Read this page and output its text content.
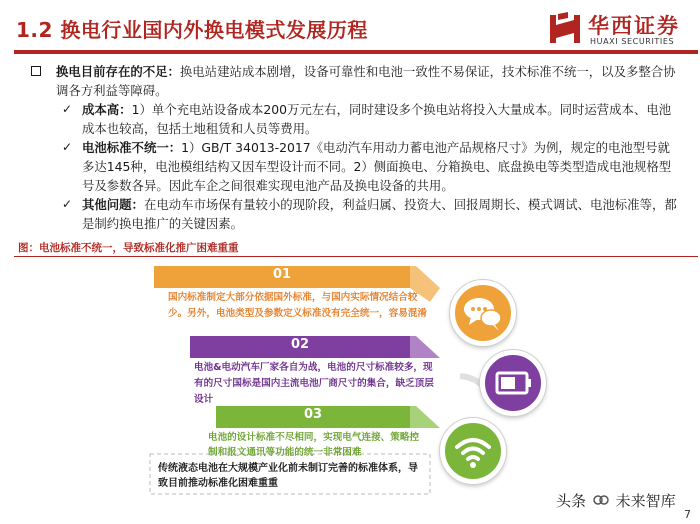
1.2 换电行业国内外换电模式发展历程	华西证券
HUAXI SECURITIES
换电目前存在的不足：换电站建站成本剧增，设备可靠性和电池一致性不易保证，技术标准不统一，以及多整合协调各方利益等障碍。
✓ 成本高：1）单个充电站设备成本200万元左右，同时建设多个换电站将投入大量成本。同时运营成本、电池成本也较高，包括土地租赁和人员等费用。
✓ 电池标准不统一：1）GB/T 34013-2017《电动汽车用动力蓄电池产品规格尺寸》为例，规定的电池型号就多达145种，电池模组结构又因车型设计而不同。2）侧面换电、分箱换电、底盘换电等类型造成电池规格型号及参数各异。因此车企之间很难实现电池产品及换电设备的共用。
✓ 其他问题：在电动车市场保有量较小的现阶段，利益归属、投资大、回报周期长、模式调试、电池标准等，都是制约换电推广的关键因素。
图：电池标准不统一，导致标准化推广困难重重
01
国内标准制定大部分依据国外标准，与国内实际情况结合较少。另外，电池类型及参数定义标准没有完全统一，容易混淆
02
电池&电动汽车厂家各自为战，电池的尺寸标准较多，现有的尺寸国标是国内主流电池厂商尺寸的集合，缺乏顶层设计
03
电池的设计标准不尽相同，实现电气连接、策略控制和报文通讯等功能的统一非常困难
传统液态电池在大规模产业化前未制订完善的标准体系，导致目前推动标准化困难重重
头条 未来智库
7
